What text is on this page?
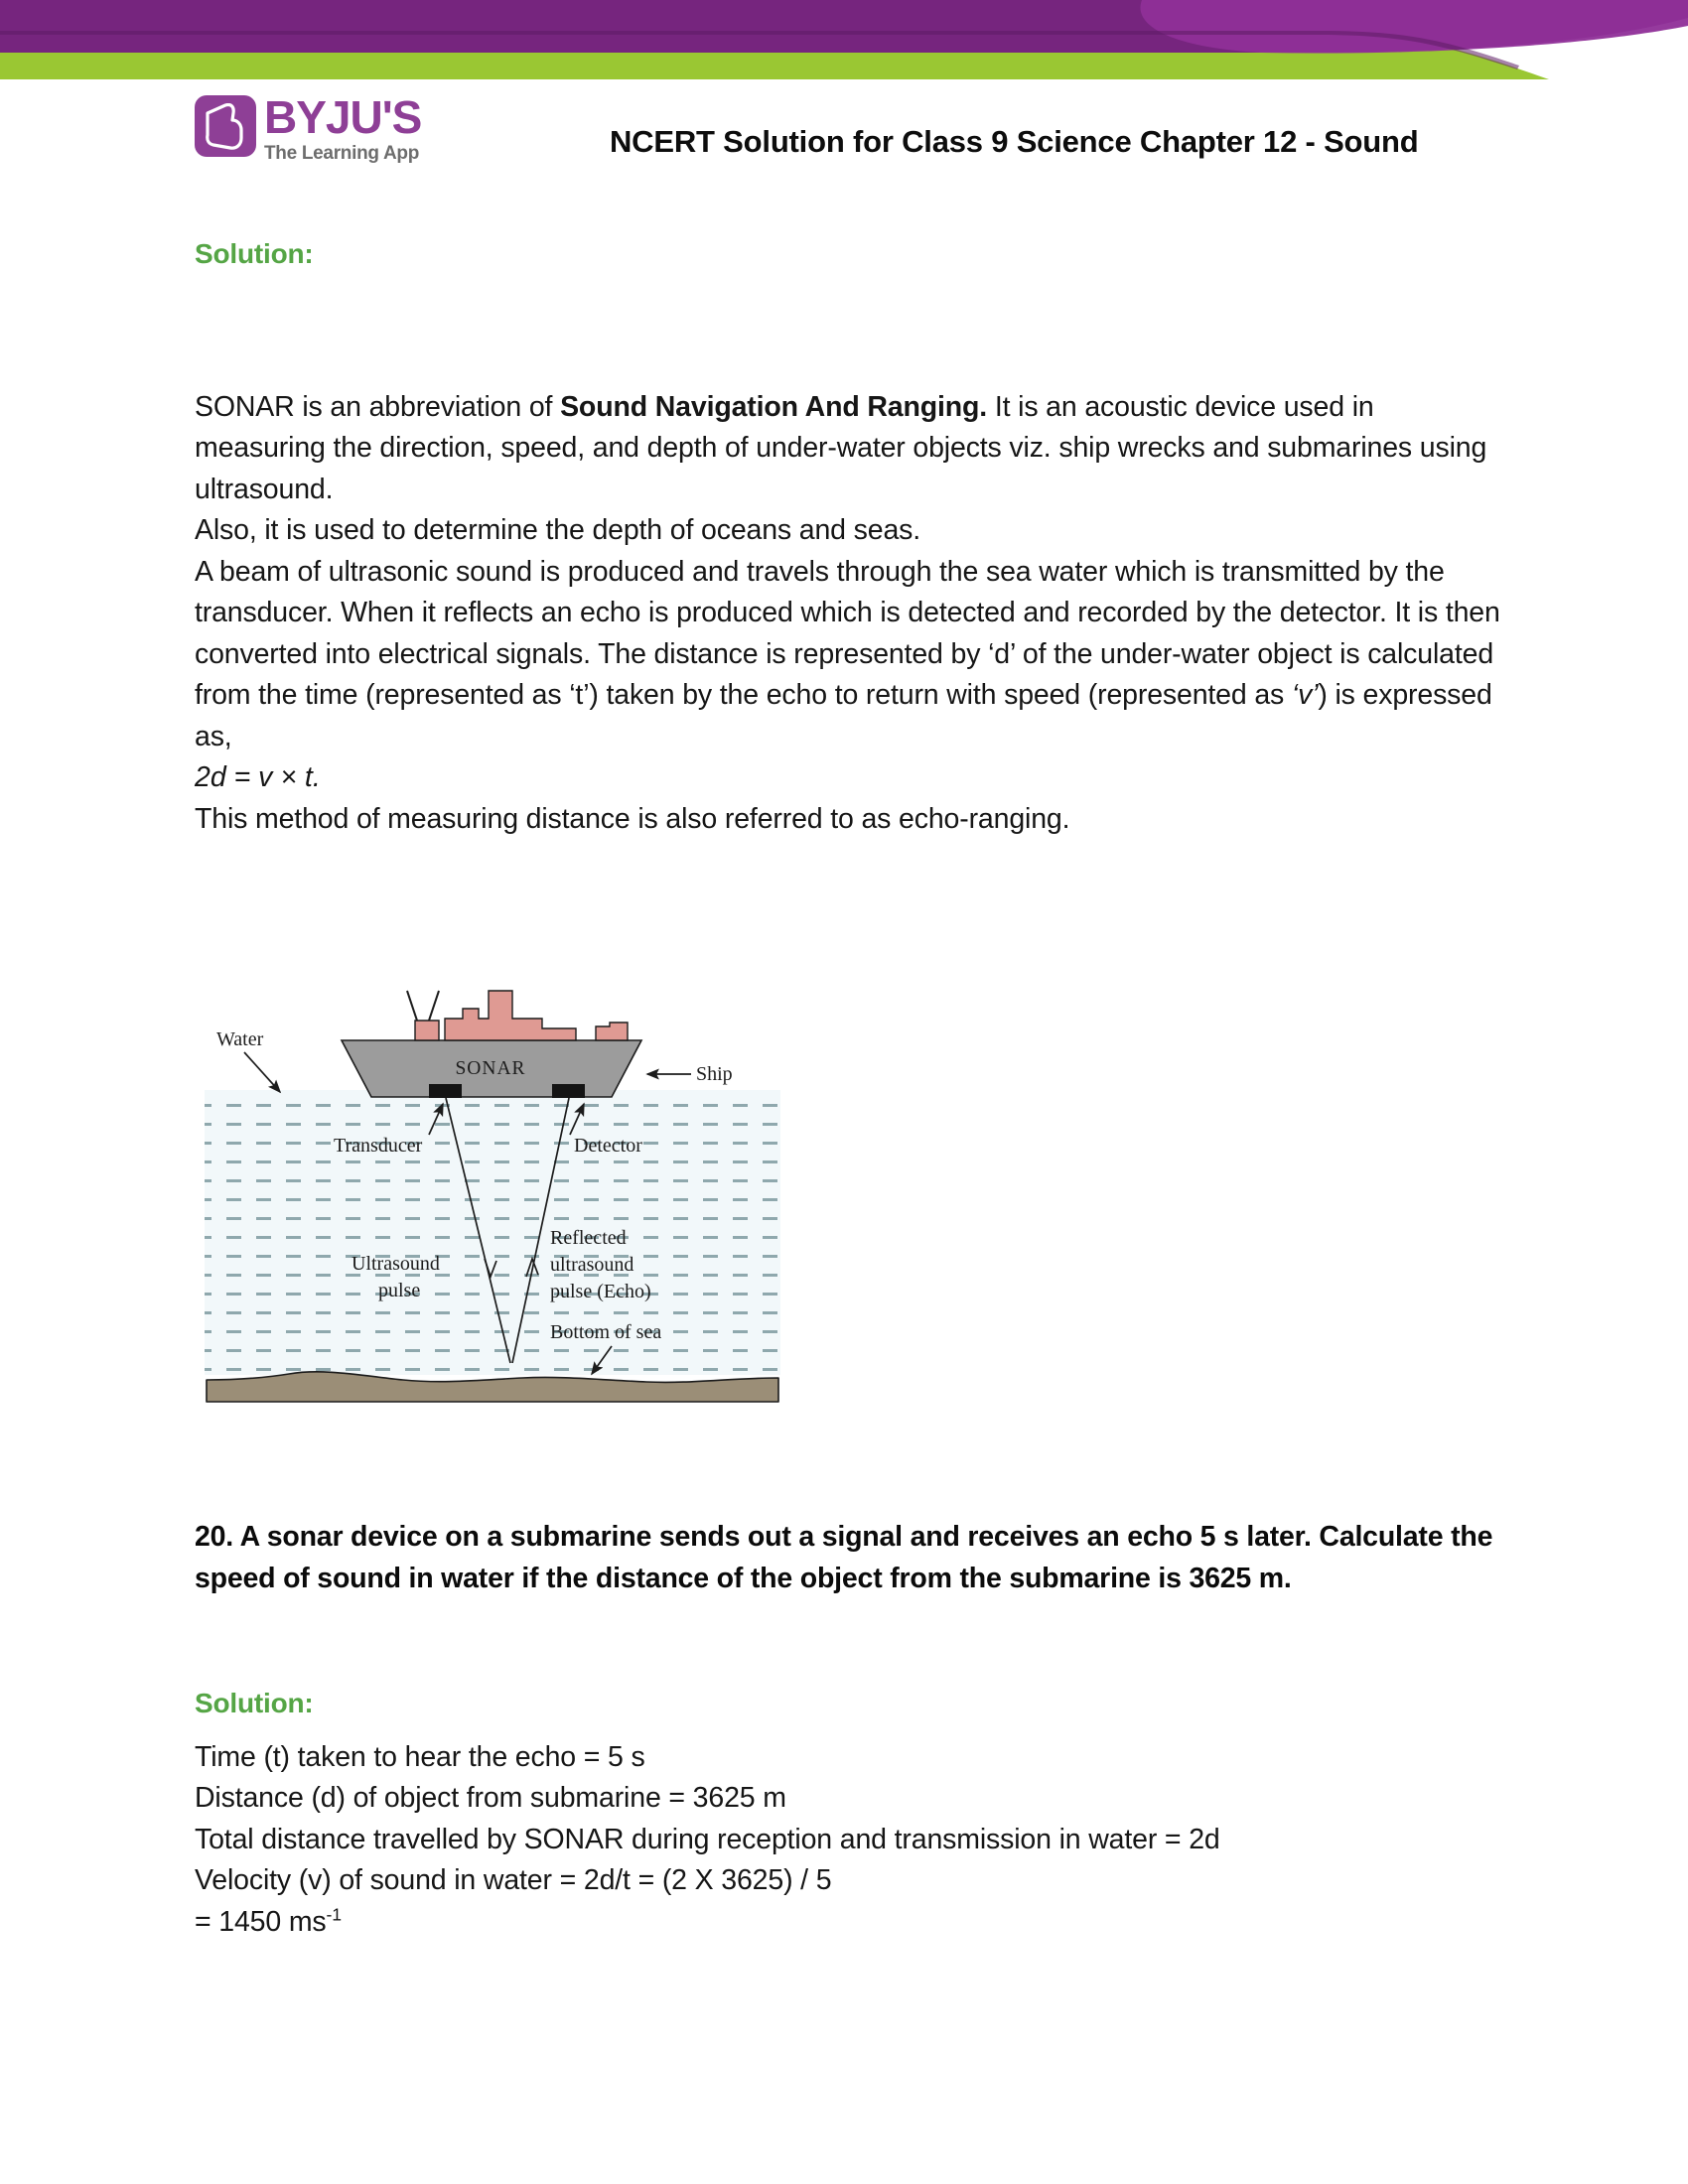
BYJU'S
The Learning App	NCERT Solution for Class 9 Science Chapter 12 - Sound
Solution:
SONAR is an abbreviation of Sound Navigation And Ranging. It is an acoustic device used in measuring the direction, speed, and depth of under-water objects viz. ship wrecks and submarines using ultrasound.
Also, it is used to determine the depth of oceans and seas.
A beam of ultrasonic sound is produced and travels through the sea water which is transmitted by the transducer. When it reflects an echo is produced which is detected and recorded by the detector. It is then converted into electrical signals. The distance is represented by ‘d’ of the under-water object is calculated from the time (represented as ‘t’) taken by the echo to return with speed (represented as ‘v’) is expressed as,
2d = v × t.
This method of measuring distance is also referred to as echo-ranging.
SONAR
Water
Ship
Transducer	Detector
Ultrasound
pulse
Reflected
ultrasound
pulse (Echo)
Bottom of sea
20. A sonar device on a submarine sends out a signal and receives an echo 5 s later. Calculate the speed of sound in water if the distance of the object from the submarine is 3625 m.
Solution:
Time (t) taken to hear the echo = 5 s
Distance (d) of object from submarine = 3625 m
Total distance travelled by SONAR during reception and transmission in water = 2d
Velocity (v) of sound in water = 2d/t = (2 X 3625) / 5
= 1450 $ms^{-1}$
